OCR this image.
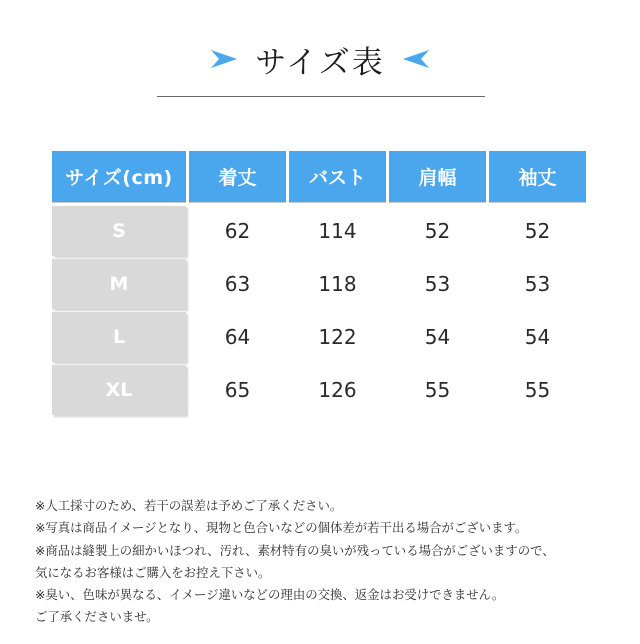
サイズ表
サイズ(cm)	着丈	バスト	肩幅	袖丈
S	62	114	52	52
M	63	118	53	53
L	64	122	54	54
XL	65	126	55	55
※人工採寸のため、若干の誤差は予めご了承ください。
※写真は商品イメージとなり、現物と色合いなどの個体差が若干出る場合がございます。
※商品は縫製上の細かいほつれ、汚れ、素材特有の臭いが残っている場合がございますので、
気になるお客様はご購入をお控え下さい。
※臭い、色味が異なる、イメージ違いなどの理由の交換、返金はお受けできません。
ご了承くださいませ。
